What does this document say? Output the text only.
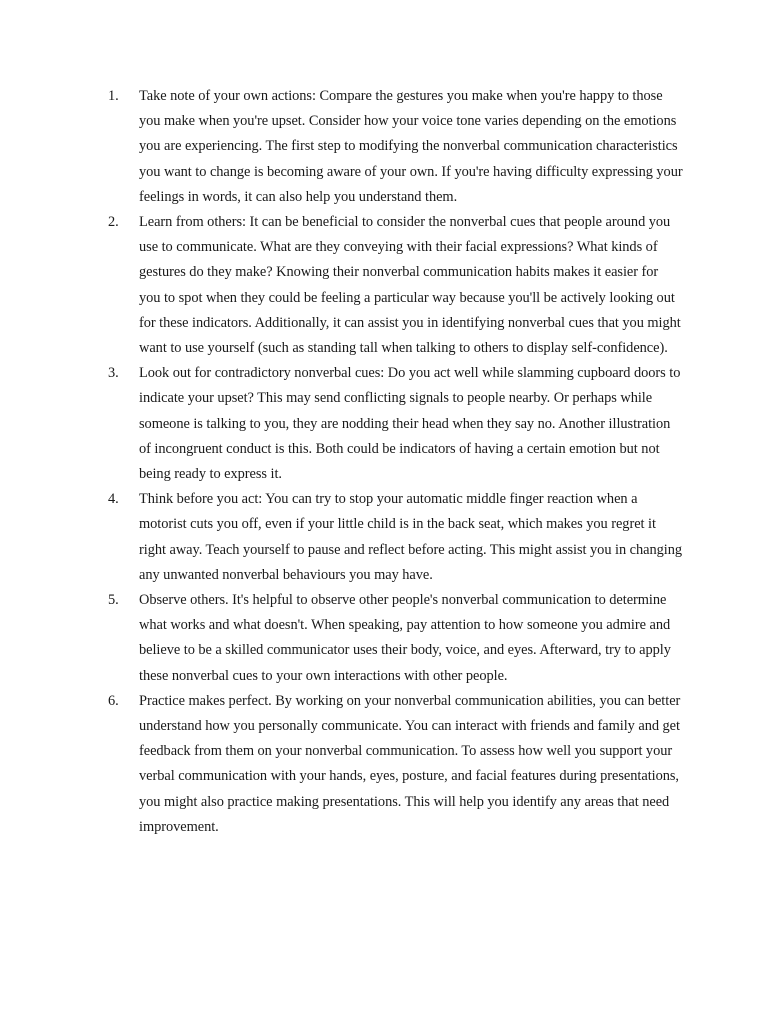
1.	Take note of your own actions: Compare the gestures you make when you're happy to those you make when you're upset. Consider how your voice tone varies depending on the emotions you are experiencing. The first step to modifying the nonverbal communication characteristics you want to change is becoming aware of your own. If you're having difficulty expressing your feelings in words, it can also help you understand them.
2.	Learn from others: It can be beneficial to consider the nonverbal cues that people around you use to communicate. What are they conveying with their facial expressions? What kinds of gestures do they make? Knowing their nonverbal communication habits makes it easier for you to spot when they could be feeling a particular way because you'll be actively looking out for these indicators. Additionally, it can assist you in identifying nonverbal cues that you might want to use yourself (such as standing tall when talking to others to display self-confidence).
3.	Look out for contradictory nonverbal cues: Do you act well while slamming cupboard doors to indicate your upset? This may send conflicting signals to people nearby. Or perhaps while someone is talking to you, they are nodding their head when they say no. Another illustration of incongruent conduct is this. Both could be indicators of having a certain emotion but not being ready to express it.
4.	Think before you act: You can try to stop your automatic middle finger reaction when a motorist cuts you off, even if your little child is in the back seat, which makes you regret it right away. Teach yourself to pause and reflect before acting. This might assist you in changing any unwanted nonverbal behaviours you may have.
5.	Observe others. It's helpful to observe other people's nonverbal communication to determine what works and what doesn't. When speaking, pay attention to how someone you admire and believe to be a skilled communicator uses their body, voice, and eyes. Afterward, try to apply these nonverbal cues to your own interactions with other people.
6.	Practice makes perfect. By working on your nonverbal communication abilities, you can better understand how you personally communicate. You can interact with friends and family and get feedback from them on your nonverbal communication. To assess how well you support your verbal communication with your hands, eyes, posture, and facial features during presentations, you might also practice making presentations. This will help you identify any areas that need improvement.
